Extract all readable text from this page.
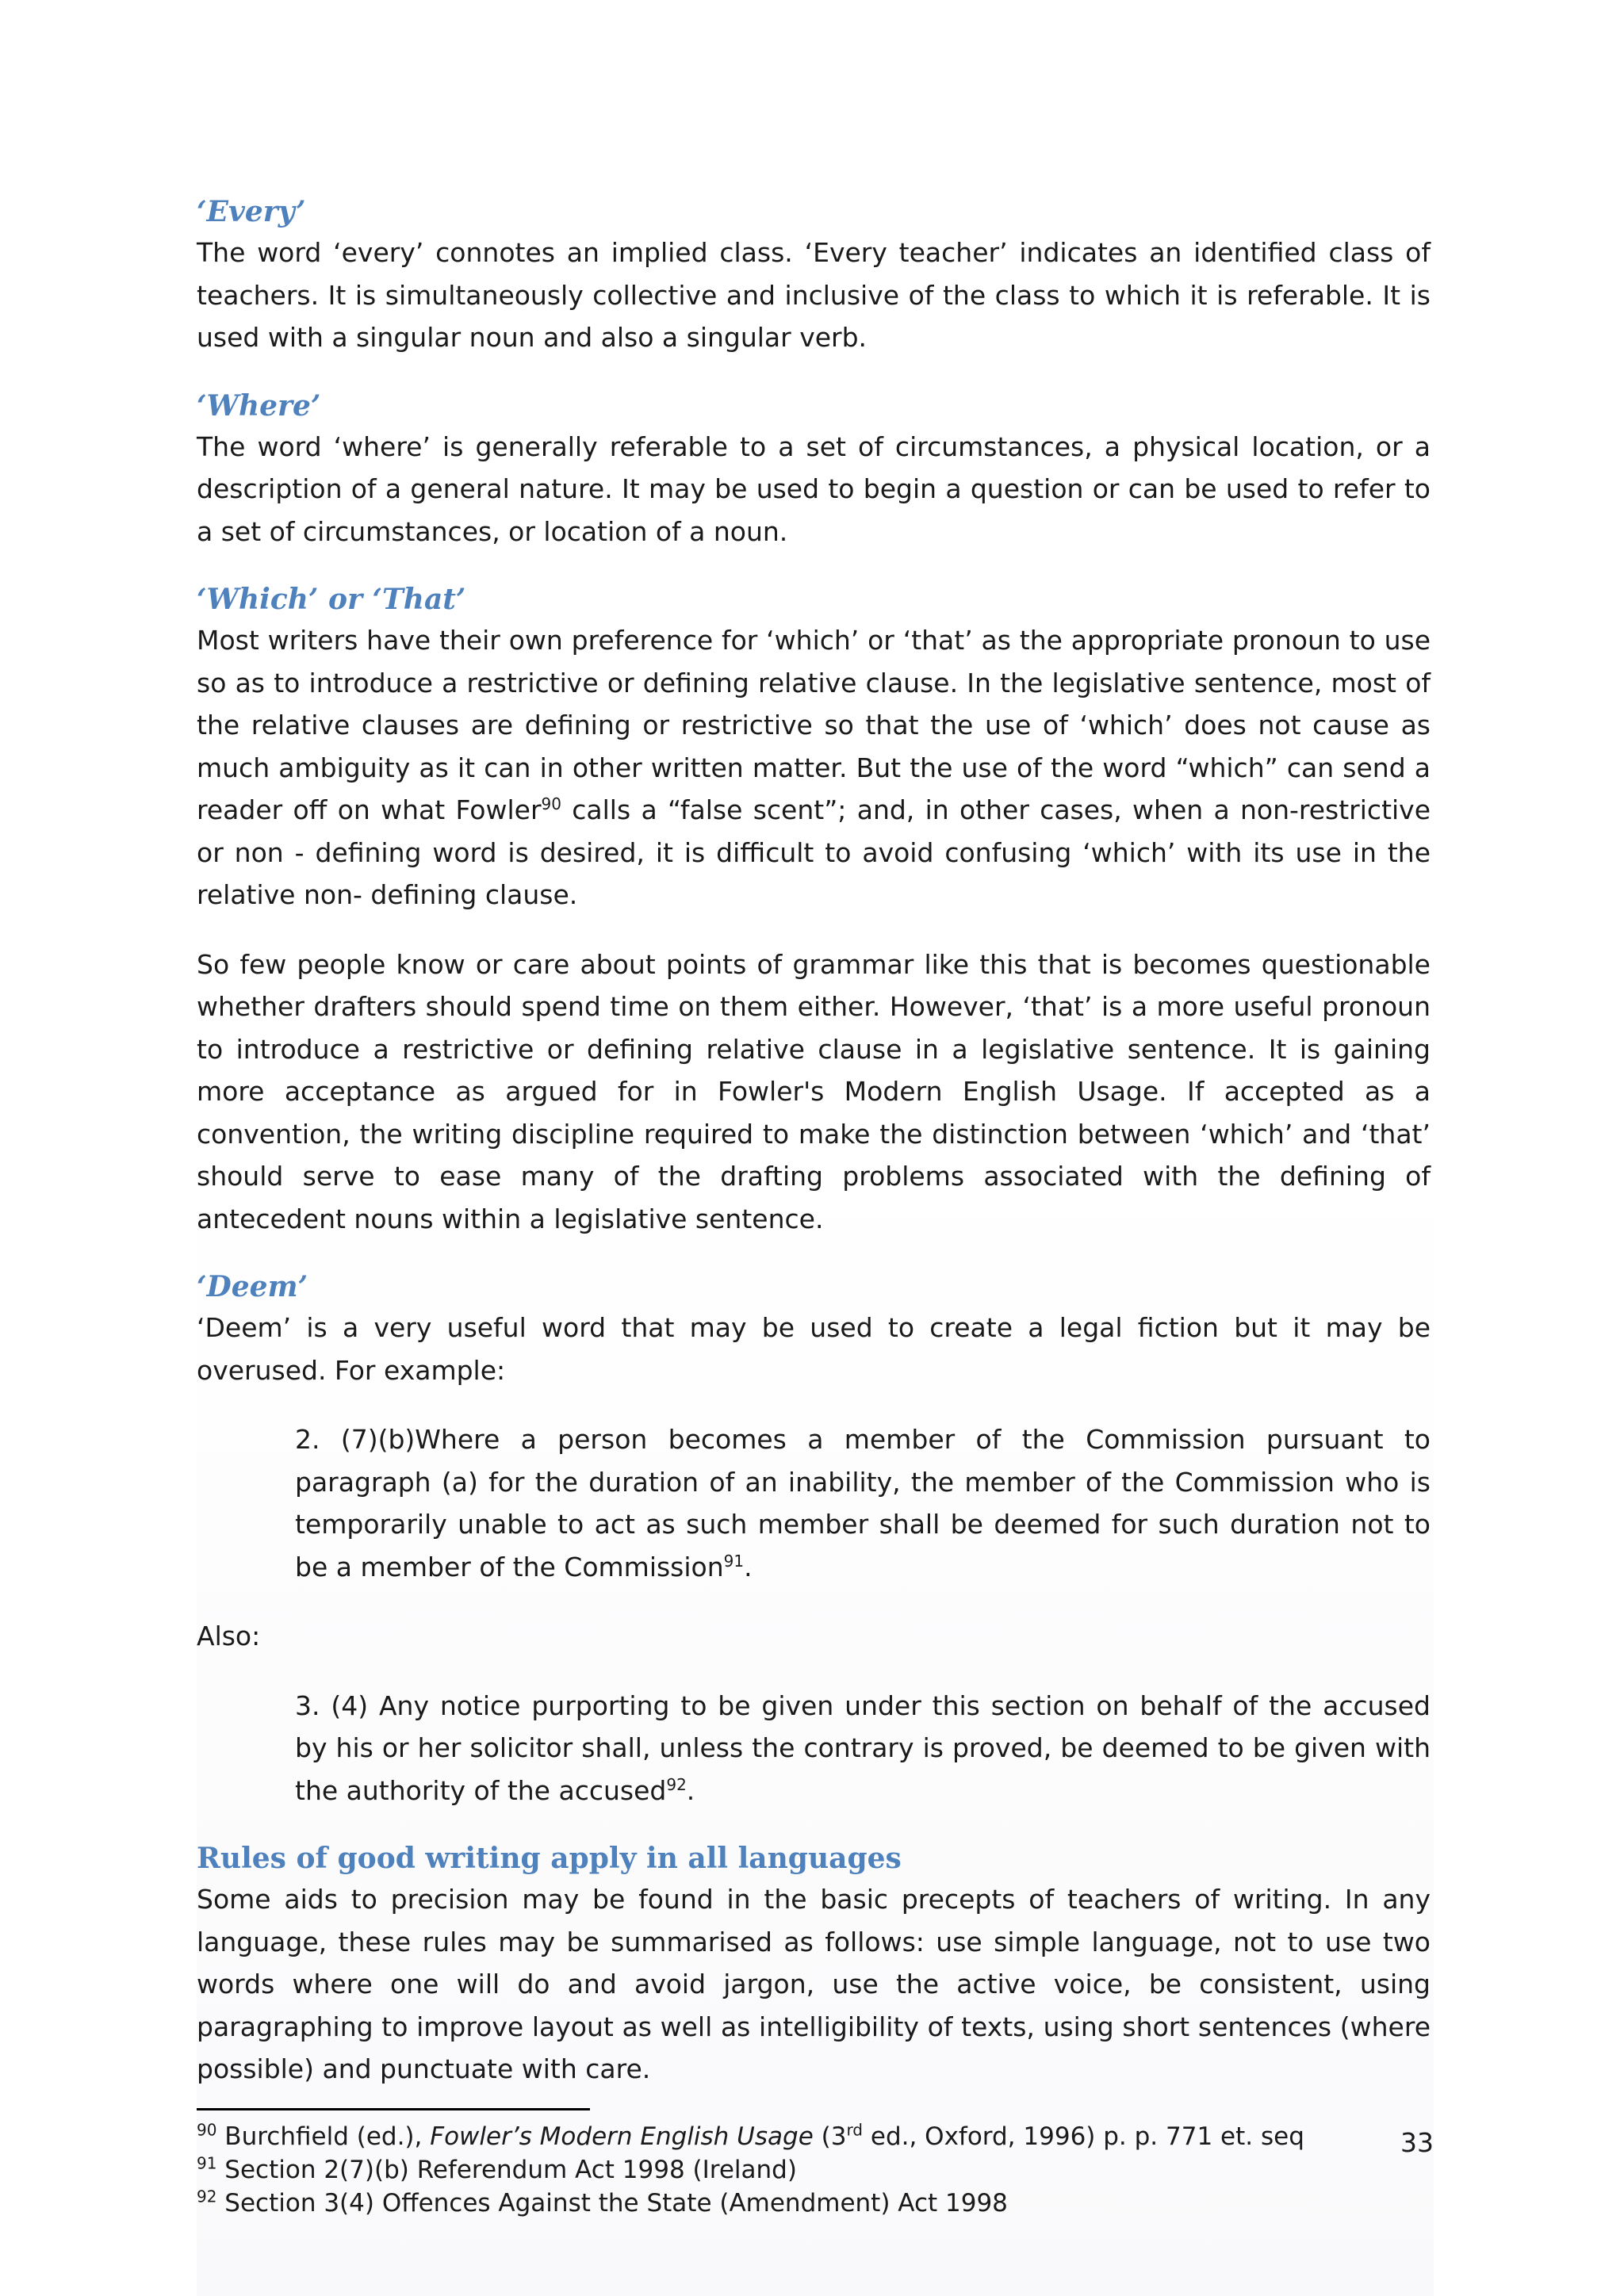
‘Every’

The word ‘every’ connotes an implied class. ‘Every teacher’ indicates an identified class of teachers. It is simultaneously collective and inclusive of the class to which it is referable. It is used with a singular noun and also a singular verb.

‘Where’

The word ‘where’ is generally referable to a set of circumstances, a physical location, or a description of a general nature. It may be used to begin a question or can be used to refer to a set of circumstances, or location of a noun.

‘Which’ or ‘That’

Most writers have their own preference for ‘which’ or ‘that’ as the appropriate pronoun to use so as to introduce a restrictive or defining relative clause. In the legislative sentence, most of the relative clauses are defining or restrictive so that the use of ‘which’ does not cause as much ambiguity as it can in other written matter. But the use of the word “which” can send a reader off on what Fowler$^{90}$ calls a “false scent”; and, in other cases, when a non-restrictive or non - defining word is desired, it is difficult to avoid confusing ‘which’ with its use in the relative non- defining clause.

So few people know or care about points of grammar like this that is becomes questionable whether drafters should spend time on them either. However, ‘that’ is a more useful pronoun to introduce a restrictive or defining relative clause in a legislative sentence. It is gaining more acceptance as argued for in Fowler's Modern English Usage. If accepted as a convention, the writing discipline required to make the distinction between ‘which’ and ‘that’ should serve to ease many of the drafting problems associated with the defining of antecedent nouns within a legislative sentence.

‘Deem’

‘Deem’ is a very useful word that may be used to create a legal fiction but it may be overused. For example:

2. (7)(b)Where a person becomes a member of the Commission pursuant to paragraph (a) for the duration of an inability, the member of the Commission who is temporarily unable to act as such member shall be deemed for such duration not to be a member of the Commission$^{91}$.

Also:

3. (4) Any notice purporting to be given under this section on behalf of the accused by his or her solicitor shall, unless the contrary is proved, be deemed to be given with the authority of the accused$^{92}$.

Rules of good writing apply in all languages

Some aids to precision may be found in the basic precepts of teachers of writing. In any language, these rules may be summarised as follows: use simple language, not to use two words where one will do and avoid jargon, use the active voice, be consistent, using paragraphing to improve layout as well as intelligibility of texts, using short sentences (where possible) and punctuate with care.

$^{90}$ Burchfield (ed.), Fowler’s Modern English Usage (3rd ed., Oxford, 1996) p. p. 771 et. seq

$^{91}$ Section 2(7)(b) Referendum Act 1998 (Ireland)

$^{92}$ Section 3(4) Offences Against the State (Amendment) Act 1998

33
